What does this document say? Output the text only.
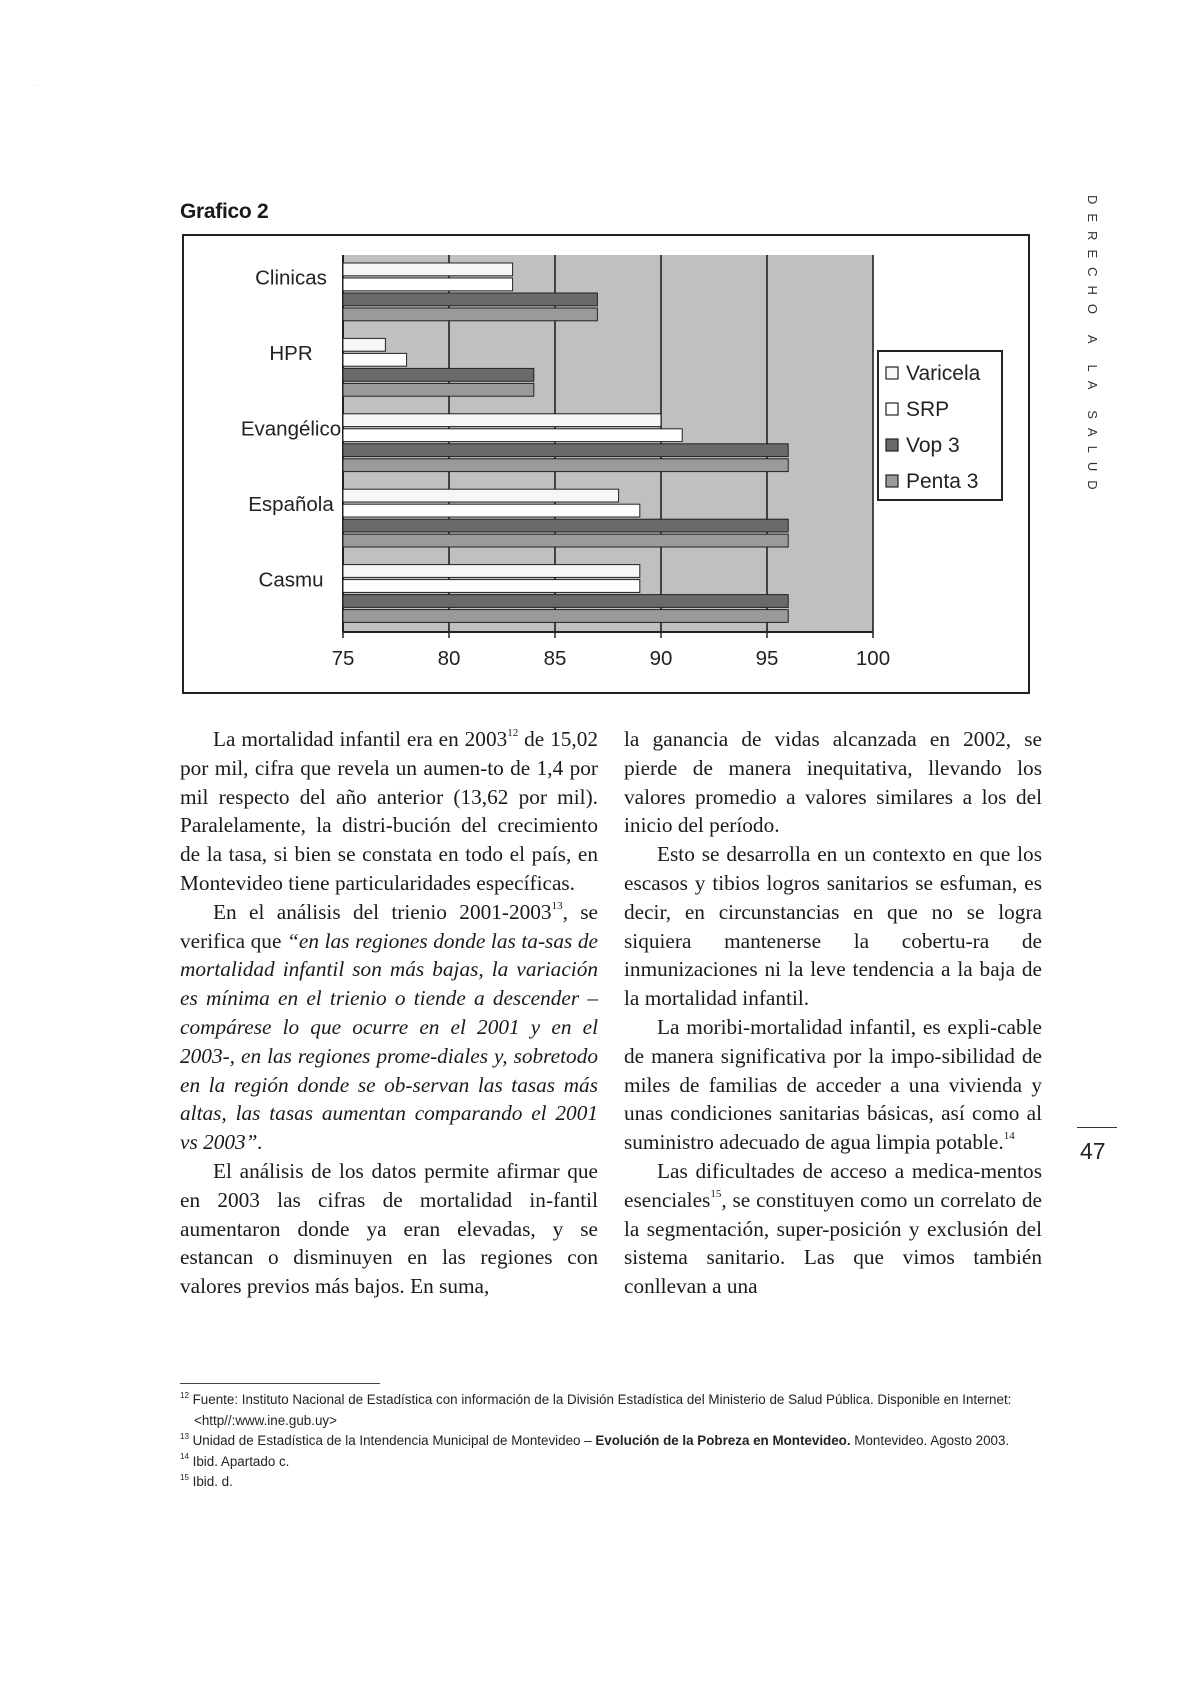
.
Grafico 2
Clinicas
HPR
Evangélico
Española
Casmu
75	80	85	90	95	100
Varicela
SRP
Vop 3
Penta 3	DERECHO A LA SALUD

47

La mortalidad infantil era en 2003$^{12}$ de 15,02 por mil, cifra que revela un aumen-to de 1,4 por mil respecto del año anterior (13,62 por mil). Paralelamente, la distri-bución del crecimiento de la tasa, si bien se constata en todo el país, en Montevideo tiene particularidades específicas.

En el análisis del trienio 2001-2003$^{13}$, se verifica que “en las regiones donde las ta-sas de mortalidad infantil son más bajas, la variación es mínima en el trienio o tiende a descender –compárese lo que ocurre en el 2001 y en el 2003-, en las regiones prome-diales y, sobretodo en la región donde se ob-servan las tasas más altas, las tasas aumentan comparando el 2001 vs 2003”.

El análisis de los datos permite afirmar que en 2003 las cifras de mortalidad in-fantil aumentaron donde ya eran elevadas, y se estancan o disminuyen en las regiones con valores previos más bajos. En suma,

la ganancia de vidas alcanzada en 2002, se pierde de manera inequitativa, llevando los valores promedio a valores similares a los del inicio del período.

Esto se desarrolla en un contexto en que los escasos y tibios logros sanitarios se esfuman, es decir, en circunstancias en que no se logra siquiera mantenerse la cobertu-ra de inmunizaciones ni la leve tendencia a la baja de la mortalidad infantil.

La moribi-mortalidad infantil, es expli-cable de manera significativa por la impo-sibilidad de miles de familias de acceder a una vivienda y unas condiciones sanitarias básicas, así como al suministro adecuado de agua limpia potable.$^{14}$

Las dificultades de acceso a medica-mentos esenciales$^{15}$, se constituyen como un correlato de la segmentación, super-posición y exclusión del sistema sanitario. Las que vimos también conllevan a una

$^{12}$ Fuente: Instituto Nacional de Estadística con información de la División Estadística del Ministerio de Salud Pública. Disponible en Internet: <http//:www.ine.gub.uy>

$^{13}$ Unidad de Estadística de la Intendencia Municipal de Montevideo – Evolución de la Pobreza en Montevideo. Montevideo. Agosto 2003.

$^{14}$ Ibid. Apartado c.

$^{15}$ Ibid. d.
